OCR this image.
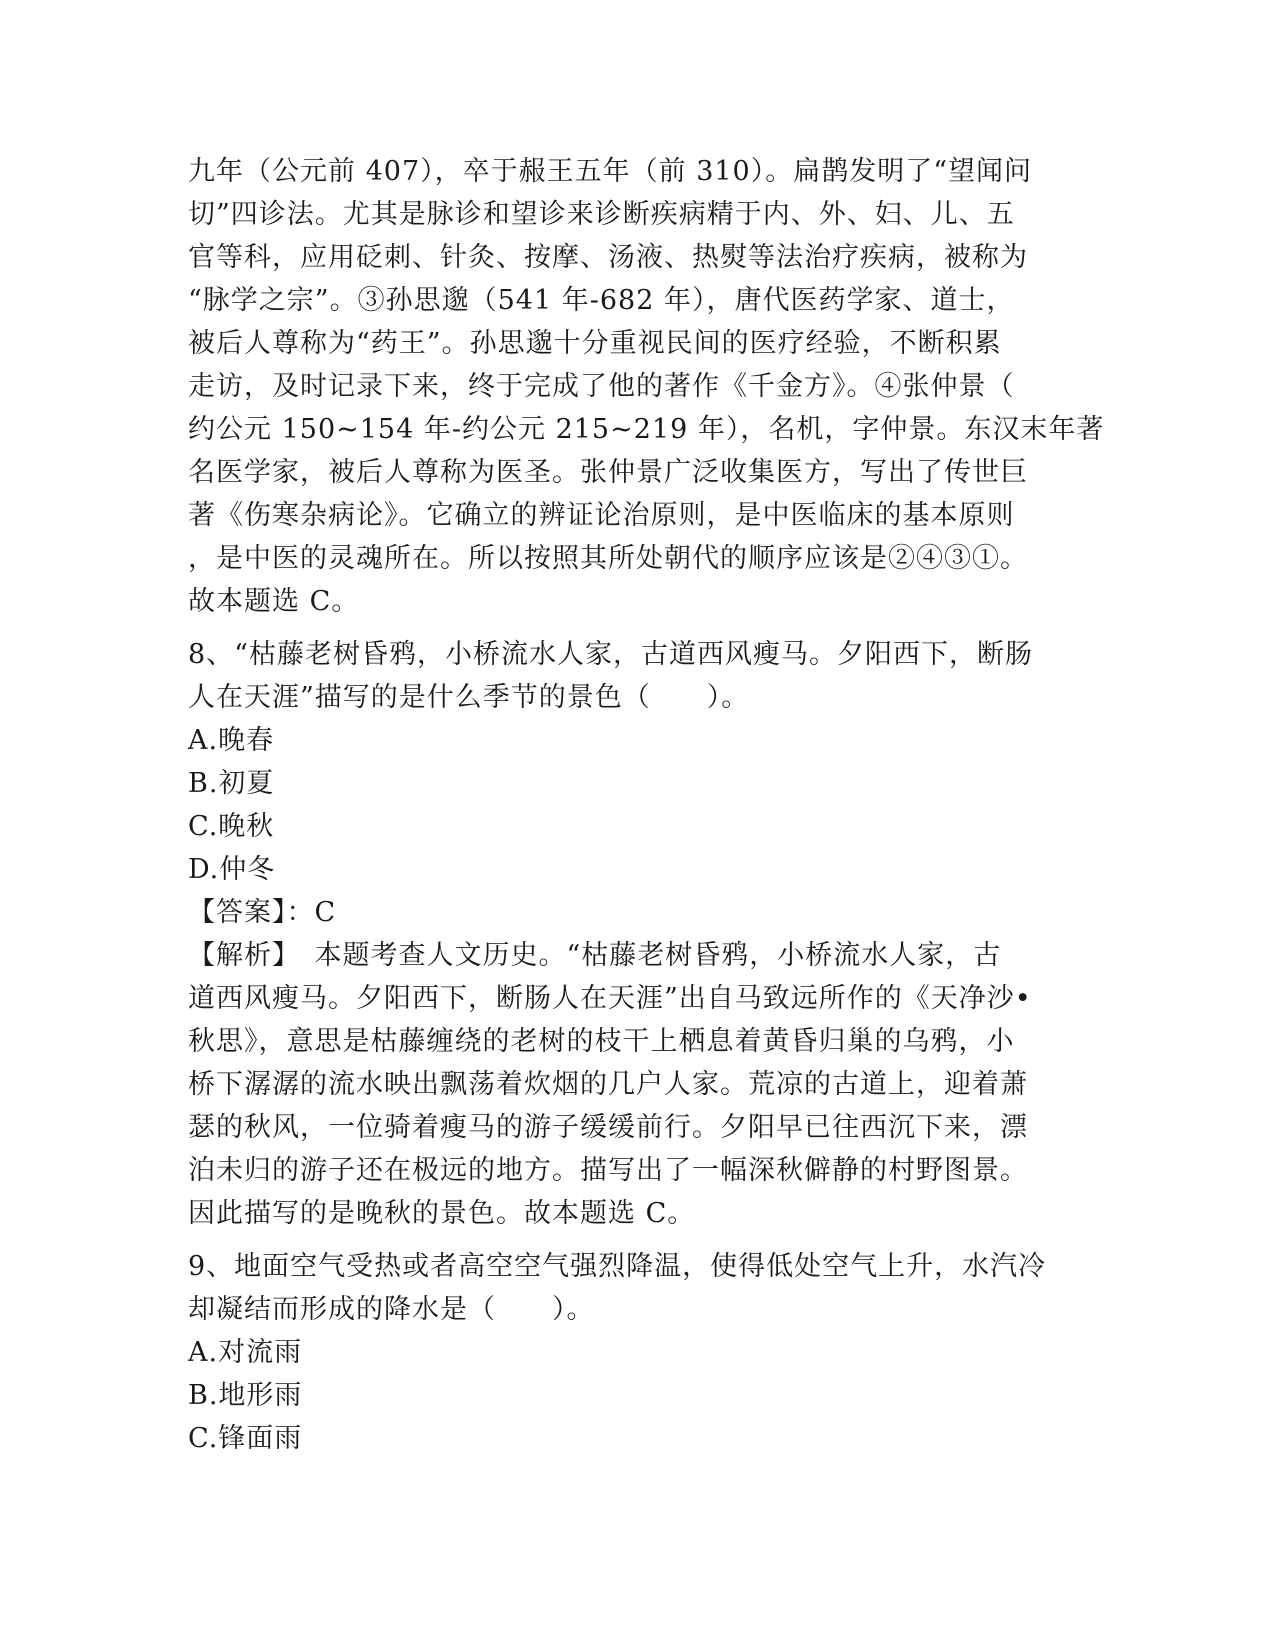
九年（公元前 407），卒于赧王五年（前 310）。扁鹊发明了“望闻问
切”四诊法。尤其是脉诊和望诊来诊断疾病精于内、外、妇、儿、五
官等科，应用砭刺、针灸、按摩、汤液、热熨等法治疗疾病，被称为
“脉学之宗”。③孙思邈（541 年-682 年），唐代医药学家、道士，
被后人尊称为“药王”。孙思邈十分重视民间的医疗经验，不断积累
走访，及时记录下来，终于完成了他的著作《千金方》。④张仲景（
约公元 150~154 年-约公元 215~219 年），名机，字仲景。东汉末年著
名医学家，被后人尊称为医圣。张仲景广泛收集医方，写出了传世巨
著《伤寒杂病论》。它确立的辨证论治原则，是中医临床的基本原则
，是中医的灵魂所在。所以按照其所处朝代的顺序应该是②④③①。
故本题选 C。
8、“枯藤老树昏鸦，小桥流水人家，古道西风瘦马。夕阳西下，断肠
人在天涯”描写的是什么季节的景色（　　）。
A.晚春
B.初夏
C.晚秋
D.仲冬
【答案】：C
【解析】　本题考查人文历史。“枯藤老树昏鸦，小桥流水人家，古
道西风瘦马。夕阳西下，断肠人在天涯”出自马致远所作的《天净沙•
秋思》，意思是枯藤缠绕的老树的枝干上栖息着黄昏归巢的乌鸦，小
桥下潺潺的流水映出飘荡着炊烟的几户人家。荒凉的古道上，迎着萧
瑟的秋风，一位骑着瘦马的游子缓缓前行。夕阳早已往西沉下来，漂
泊未归的游子还在极远的地方。描写出了一幅深秋僻静的村野图景。
因此描写的是晚秋的景色。故本题选 C。
9、地面空气受热或者高空空气强烈降温，使得低处空气上升，水汽冷
却凝结而形成的降水是（　　）。
A.对流雨
B.地形雨
C.锋面雨
